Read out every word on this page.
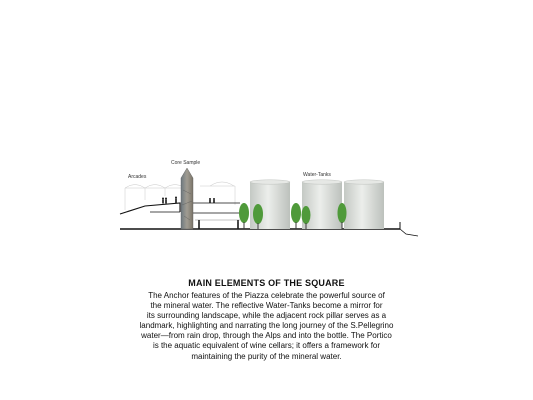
Arcades
Core Sample
Water-Tanks
MAIN ELEMENTS OF THE SQUARE
The Anchor features of the Piazza celebrate the powerful source of
the mineral water. The reflective Water-Tanks become a mirror for
its surrounding landscape, while the adjacent rock pillar serves as a
landmark, highlighting and narrating the long journey of the S.Pellegrino
water—from rain drop, through the Alps and into the bottle. The Portico
is the aquatic equivalent of wine cellars; it offers a framework for
maintaining the purity of the mineral water.
